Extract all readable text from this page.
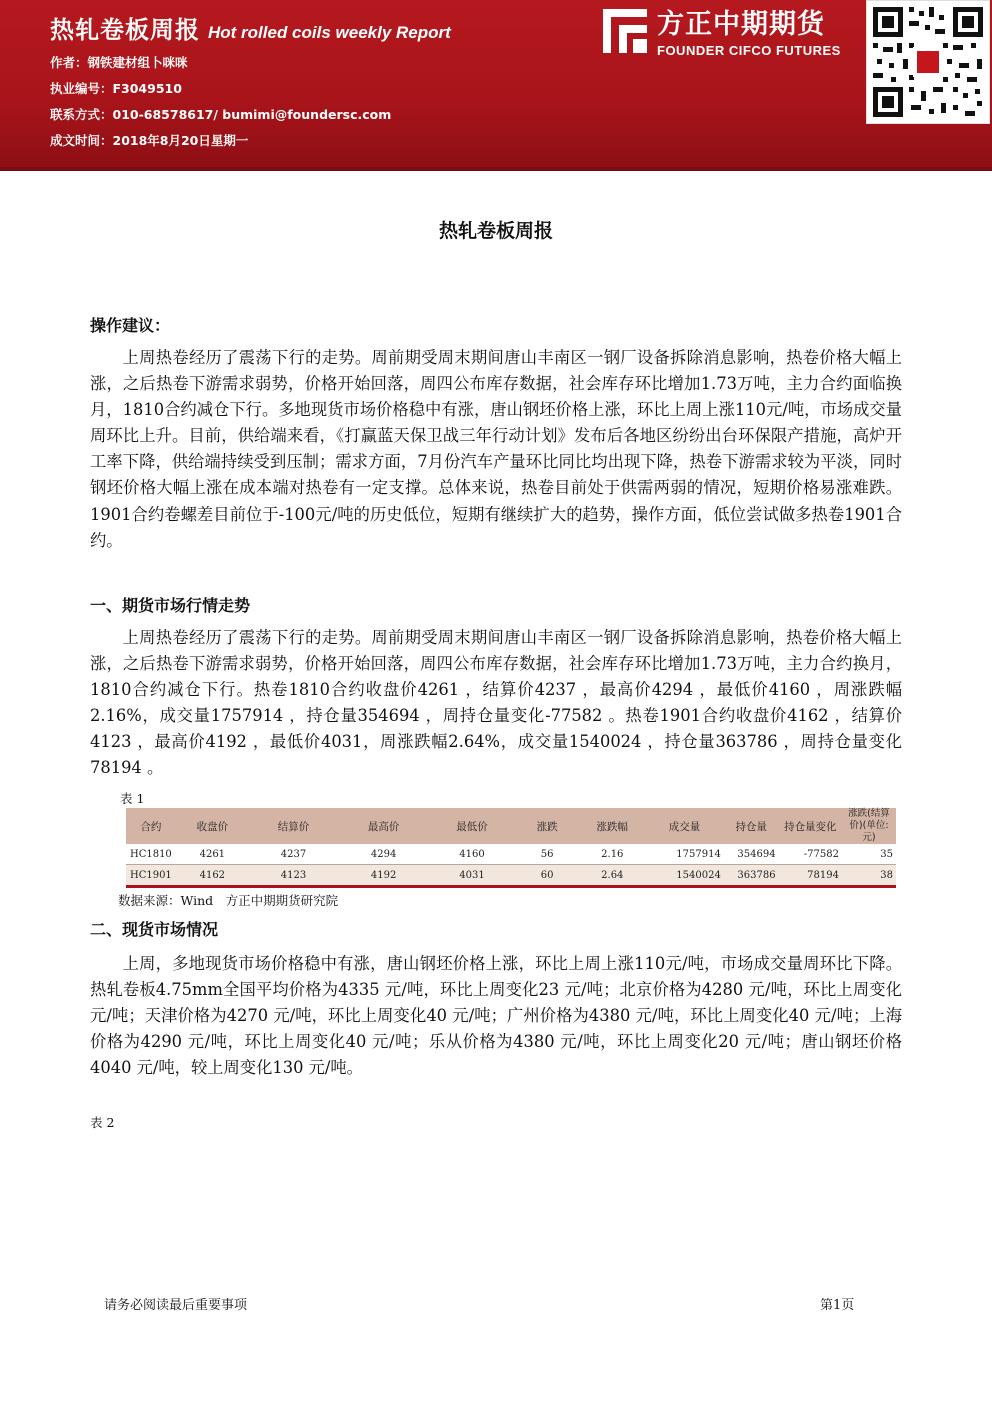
热轧卷板周报 Hot rolled coils weekly Report
作者：钢铁建材组卜咪咪
执业编号：F3049510
联系方式：010-68578617/ bumimi@foundersc.com
成文时间：2018年8月20日星期一
方正中期期货
FOUNDER CIFCO FUTURES
热轧卷板周报
操作建议：

上周热卷经历了震荡下行的走势。周前期受周末期间唐山丰南区一钢厂设备拆除消息影响，热卷价格大幅上涨，之后热卷下游需求弱势，价格开始回落，周四公布库存数据，社会库存环比增加1.73万吨，主力合约面临换月，1810合约减仓下行。多地现货市场价格稳中有涨，唐山钢坯价格上涨，环比上周上涨110元/吨，市场成交量周环比上升。目前，供给端来看，《打赢蓝天保卫战三年行动计划》发布后各地区纷纷出台环保限产措施，高炉开工率下降，供给端持续受到压制；需求方面，7月份汽车产量环比同比均出现下降，热卷下游需求较为平淡，同时钢坯价格大幅上涨在成本端对热卷有一定支撑。总体来说，热卷目前处于供需两弱的情况，短期价格易涨难跌。1901合约卷螺差目前位于-100元/吨的历史低位，短期有继续扩大的趋势，操作方面，低位尝试做多热卷1901合约。

一、期货市场行情走势

上周热卷经历了震荡下行的走势。周前期受周末期间唐山丰南区一钢厂设备拆除消息影响，热卷价格大幅上涨，之后热卷下游需求弱势，价格开始回落，周四公布库存数据，社会库存环比增加1.73万吨，主力合约换月，1810合约减仓下行。热卷1810合约收盘价4261 ，结算价4237 ，最高价4294 ，最低价4160 ，周涨跌幅2.16%，成交量1757914 ，持仓量354694 ，周持仓量变化-77582 。热卷1901合约收盘价4162 ，结算价4123 ，最高价4192 ，最低价4031，周涨跌幅2.64%，成交量1540024 ，持仓量363786 ，周持仓量变化78194 。

表 1
合约	收盘价	结算价	最高价	最低价	涨跌	涨跌幅	成交量	持仓量	持仓量变化	涨跌(结算价)(单位:元)
HC1810	4261	4237	4294	4160	56	2.16	1757914	354694	-77582	35
HC1901	4162	4123	4192	4031	60	2.64	1540024	363786	78194	38
数据来源：Wind　方正中期期货研究院
二、现货市场情况

上周，多地现货市场价格稳中有涨，唐山钢坯价格上涨，环比上周上涨110元/吨，市场成交量周环比下降。热轧卷板4.75mm全国平均价格为4335 元/吨，环比上周变化23 元/吨；北京价格为4280 元/吨，环比上周变化元/吨；天津价格为4270 元/吨，环比上周变化40 元/吨；广州价格为4380 元/吨，环比上周变化40 元/吨；上海价格为4290 元/吨，环比上周变化40 元/吨；乐从价格为4380 元/吨，环比上周变化20 元/吨；唐山钢坯价格4040 元/吨，较上周变化130 元/吨。

表 2
请务必阅读最后重要事项	第1页
